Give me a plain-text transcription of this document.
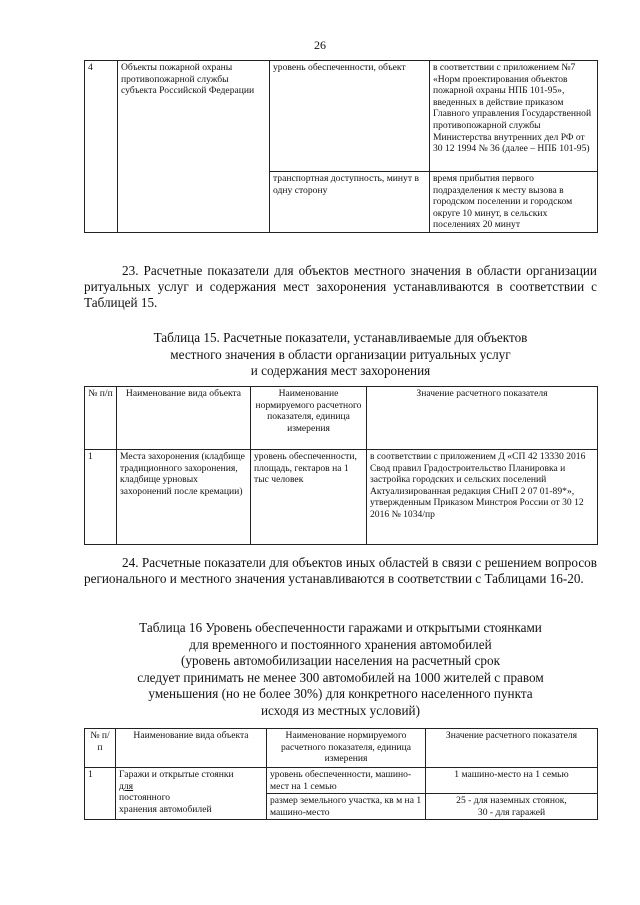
26
4	Объекты пожарной охраны противопожарной службы субъекта Российской Федерации	уровень обеспеченности, объект	в соответствии с приложением №7 «Норм проектирования объектов пожарной охраны НПБ 101-95», введенных в действие приказом Главного управления Государственной противопожарной службы Министерства внутренних дел РФ от 30 12 1994 № 36 (далее – НПБ 101-95)
		транспортная доступность, минут в одну сторону	время прибытия первого подразделения к месту вызова в городском поселении и городском округе 10 минут, в сельских поселениях 20 минут

23. Расчетные показатели для объектов местного значения в области организации ритуальных услуг и содержания мест захоронения устанавливаются в соответствии с Таблицей 15.

Таблица 15. Расчетные показатели, устанавливаемые для объектов
местного значения в области организации ритуальных услуг
и содержания мест захоронения

№ п/п	Наименование вида объекта	Наименование нормируемого расчетного показателя, единица измерения	Значение расчетного показателя
1	Места захоронения (кладбище традиционного захоронения, кладбище урновых захоронений после кремации)	уровень обеспеченности, площадь, гектаров на 1 тыс человек	в соответствии с приложением Д «СП 42 13330 2016 Свод правил Градостроительство Планировка и застройка городских и сельских поселений Актуализированная редакция СНиП 2 07 01-89*», утвержденным Приказом Минстроя России от 30 12 2016 № 1034/пр

24. Расчетные показатели для объектов иных областей в связи с решением вопросов регионального и местного значения устанавливаются в соответствии с Таблицами 16-20.

Таблица 16 Уровень обеспеченности гаражами и открытыми стоянками
для временного и постоянного хранения автомобилей
(уровень автомобилизации населения на расчетный срок
следует принимать не менее 300 автомобилей на 1000 жителей с правом
уменьшения (но не более 30%) для конкретного населенного пункта
исходя из местных условий)

№ п/п	Наименование вида объекта	Наименование нормируемого расчетного показателя, единица измерения	Значение расчетного показателя
1	Гаражи и открытые стоянки
для
постоянного
хранения автомобилей	уровень обеспеченности, машино-мест на 1 семью	1 машино-место на 1 семью
		размер земельного участка, кв м на 1 машино-место	25 - для наземных стоянок,
30 - для гаражей
